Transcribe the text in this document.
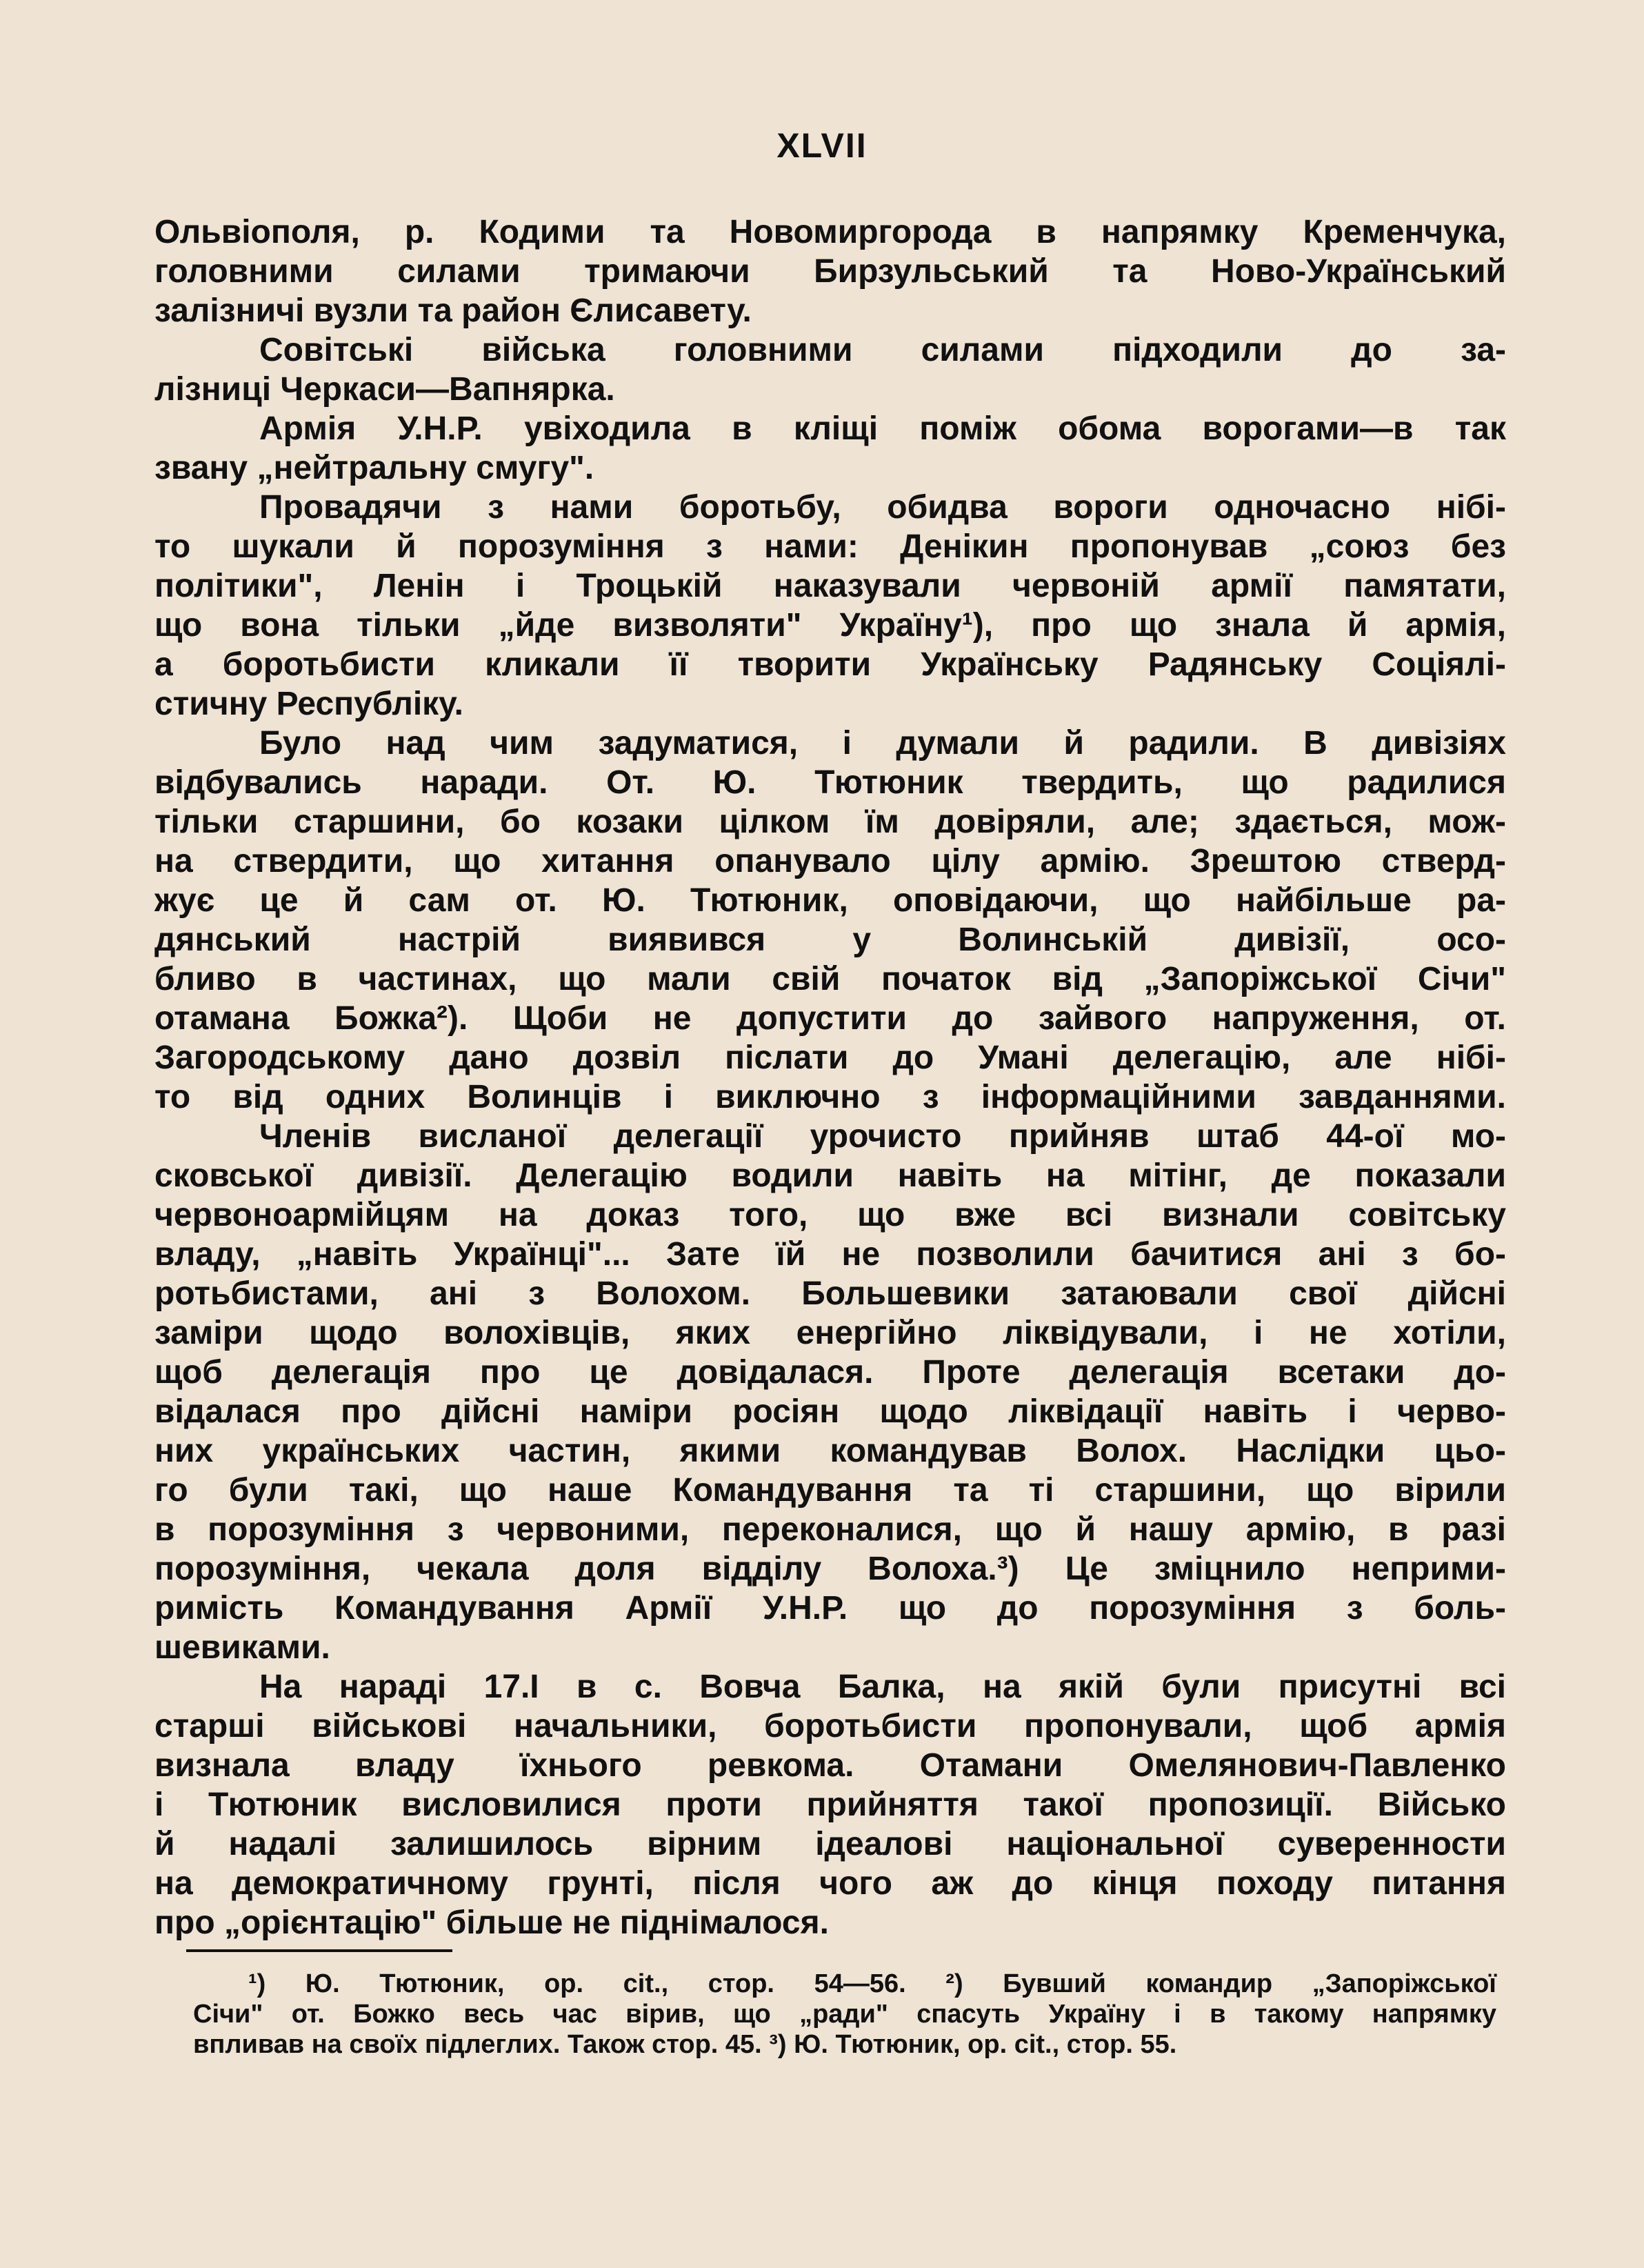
XLVII
Ольвіополя, р. Кодими та Новомиргорода в напрямку Кременчука,
головними силами тримаючи Бирзульський та Ново-Український
залізничі вузли та район Єлисавету.
Совітські війська головними силами підходили до за-
лізниці Черкаси—Вапнярка.
Армія У.Н.Р. увіходила в кліщі поміж обома ворогами—в так
звану „нейтральну смугу".
Провадячи з нами боротьбу, обидва вороги одночасно нібі-
то шукали й порозуміння з нами: Денікин пропонував „союз без
політики", Ленін і Троцькій наказували червоній армії памятати,
що вона тільки „йде визволяти" Україну¹), про що знала й армія,
а боротьбисти кликали її творити Українську Радянську Соціялі-
стичну Республіку.
Було над чим задуматися, і думали й радили. В дивізіях
відбувались наради. От. Ю. Тютюник твердить, що радилися
тільки старшини, бо козаки цілком їм довіряли, але; здається, мож-
на ствердити, що хитання опанувало цілу армію. Зрештою стверд-
жує це й сам от. Ю. Тютюник, оповідаючи, що найбільше ра-
дянський настрій виявився у Волинській дивізії, осо-
бливо в частинах, що мали свій початок від „Запоріжської Січи"
отамана Божка²). Щоби не допустити до зайвого напруження, от.
Загородському дано дозвіл післати до Умані делегацію, але нібі-
то від одних Волинців і виключно з інформаційними завданнями.
Членів висланої делегації урочисто прийняв штаб 44-ої мо-
сковської дивізії. Делегацію водили навіть на мітінг, де показали
червоноармійцям на доказ того, що вже всі визнали совітську
владу, „навіть Українці"... Зате їй не позволили бачитися ані з бо-
ротьбистами, ані з Волохом. Большевики затаювали свої дійсні
заміри щодо волохівців, яких енергійно ліквідували, і не хотіли,
щоб делегація про це довідалася. Проте делегація всетаки до-
відалася про дійсні наміри росіян щодо ліквідації навіть і черво-
них українських частин, якими командував Волох. Наслідки цьо-
го були такі, що наше Командування та ті старшини, що вірили
в порозуміння з червоними, переконалися, що й нашу армію, в разі
порозуміння, чекала доля відділу Волоха.³) Це зміцнило неприми-
римість Командування Армії У.Н.Р. що до порозуміння з боль-
шевиками.
На нараді 17.І в с. Вовча Балка, на якій були присутні всі
старші військові начальники, боротьбисти пропонували, щоб армія
визнала владу їхнього ревкома. Отамани Омелянович-Павленко
і Тютюник висловилися проти прийняття такої пропозиції. Військо
й надалі залишилось вірним ідеалові національної суверенности
на демократичному грунті, після чого аж до кінця походу питання
про „орієнтацію" більше не піднімалося.
¹) Ю. Тютюник, ор. cit., стор. 54—56. ²) Бувший командир „Запоріжської
Січи" от. Божко весь час вірив, що „ради" спасуть Україну і в такому напрямку
впливав на своїх підлеглих. Також стор. 45. ³) Ю. Тютюник, ор. cit., стор. 55.
